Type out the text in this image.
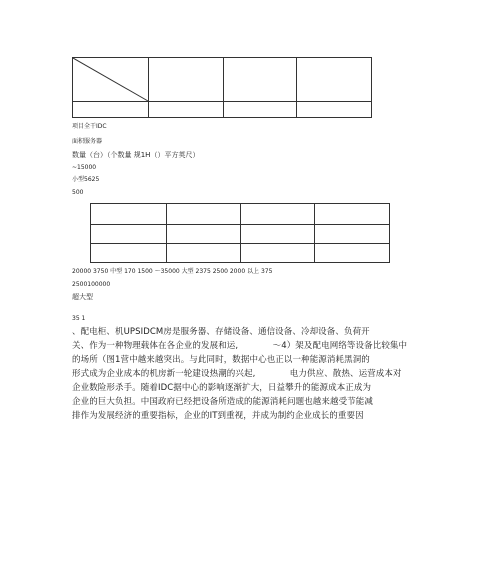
项目全干IDC
面积服务器
数量（台）（个数量 规1H（）平方英尺）
~15000
小型5625
500
20000 3750 中型 170 1500 ～35000 大型 2375 2500 2000 以上 375
2500100000
超大型
35 1
、配电柜、机UPSIDCM房是服务器、存储设备、通信设备、冷却设备、负荷开
关、作为一种物理载体在各企业的发展和运,　　　　～4）架及配电网络等设备比较集中
的场所（图1营中越来越突出。与此同时，数据中心也正以一种能源消耗黑洞的
形式成为企业成本的机房新一轮建设热潮的兴起,　　　　电力供应、散热、运营成本对
企业数险形杀手。随着IDC据中心的影响逐渐扩大，日益攀升的能源成本正成为
企业的巨大负担。中国政府已经把设备所造成的能源消耗问题也越来越受节能减
排作为发展经济的重要指标，企业的IT到重视，并成为制约企业成长的重要因
